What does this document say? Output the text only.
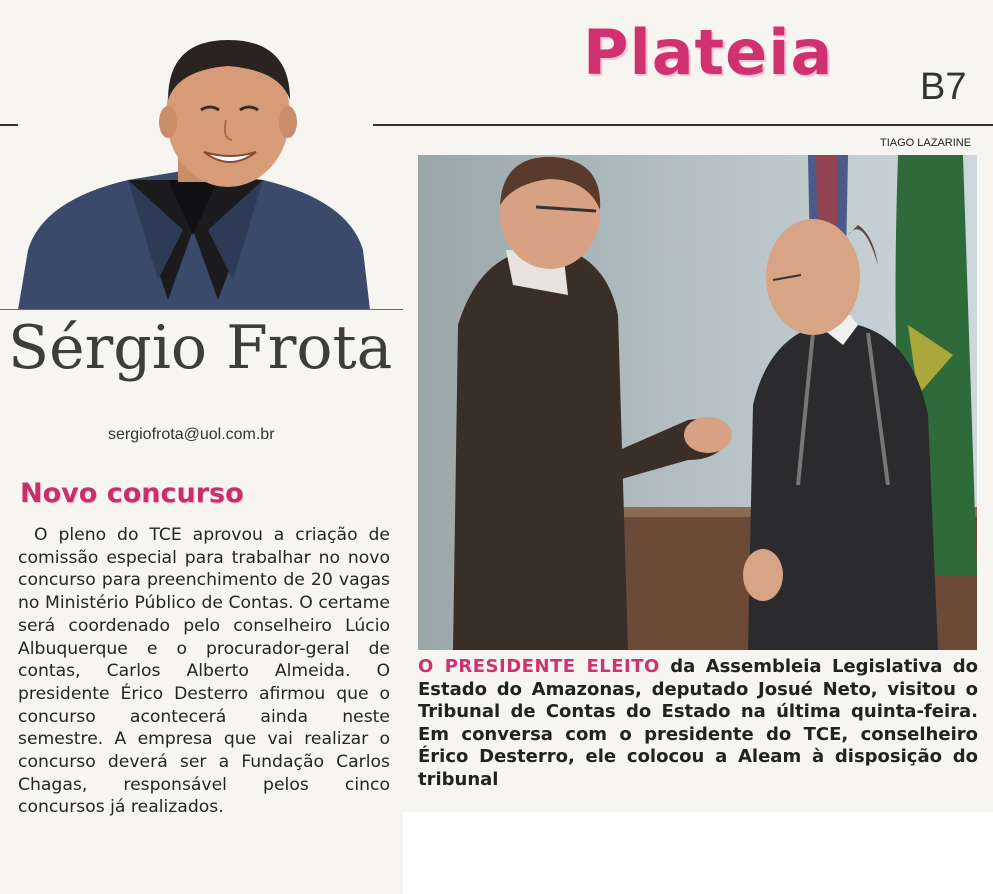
Plateia B7
Sérgio Frota
sergiofrota@uol.com.br
Novo concurso

O pleno do TCE aprovou a criação de comissão especial para trabalhar no novo concurso para preenchimento de 20 vagas no Ministério Público de Contas. O certame será coordenado pelo conselheiro Lúcio Albuquerque e o procurador-geral de contas, Carlos Alberto Almeida. O presidente Érico Desterro afirmou que o concurso acontecerá ainda neste semestre. A empresa que vai realizar o concurso deverá ser a Fundação Carlos Chagas, responsável pelos cinco concursos já realizados.

TIAGO LAZARINE

O PRESIDENTE ELEITO da Assembleia Legislativa do Estado do Amazonas, deputado Josué Neto, visitou o Tribunal de Contas do Estado na última quinta-feira. Em conversa com o presidente do TCE, conselheiro Érico Desterro, ele colocou a Aleam à disposição do tribunal
